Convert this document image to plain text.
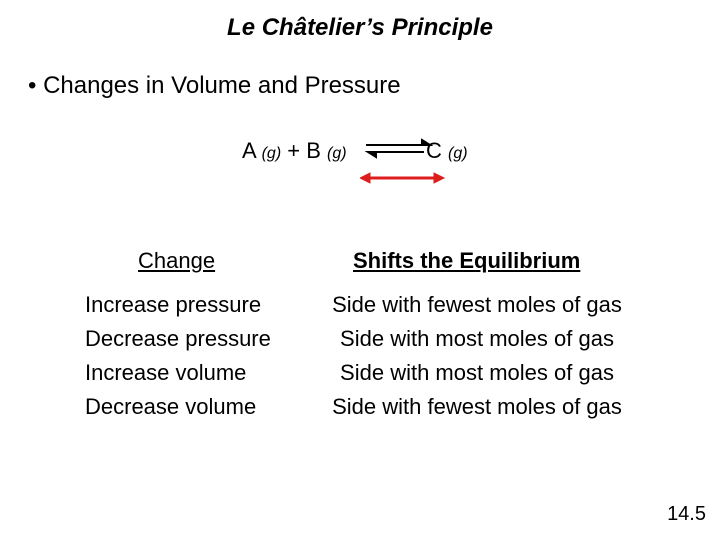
Le Châtelier’s Principle
• Changes in Volume and Pressure
A (g) + B (g)	C (g)
Change	Shifts the Equilibrium
Increase pressure
Decrease pressure
Increase volume
Decrease volume
Side with fewest moles of gas
Side with most moles of gas
Side with most moles of gas
Side with fewest moles of gas
14.5
